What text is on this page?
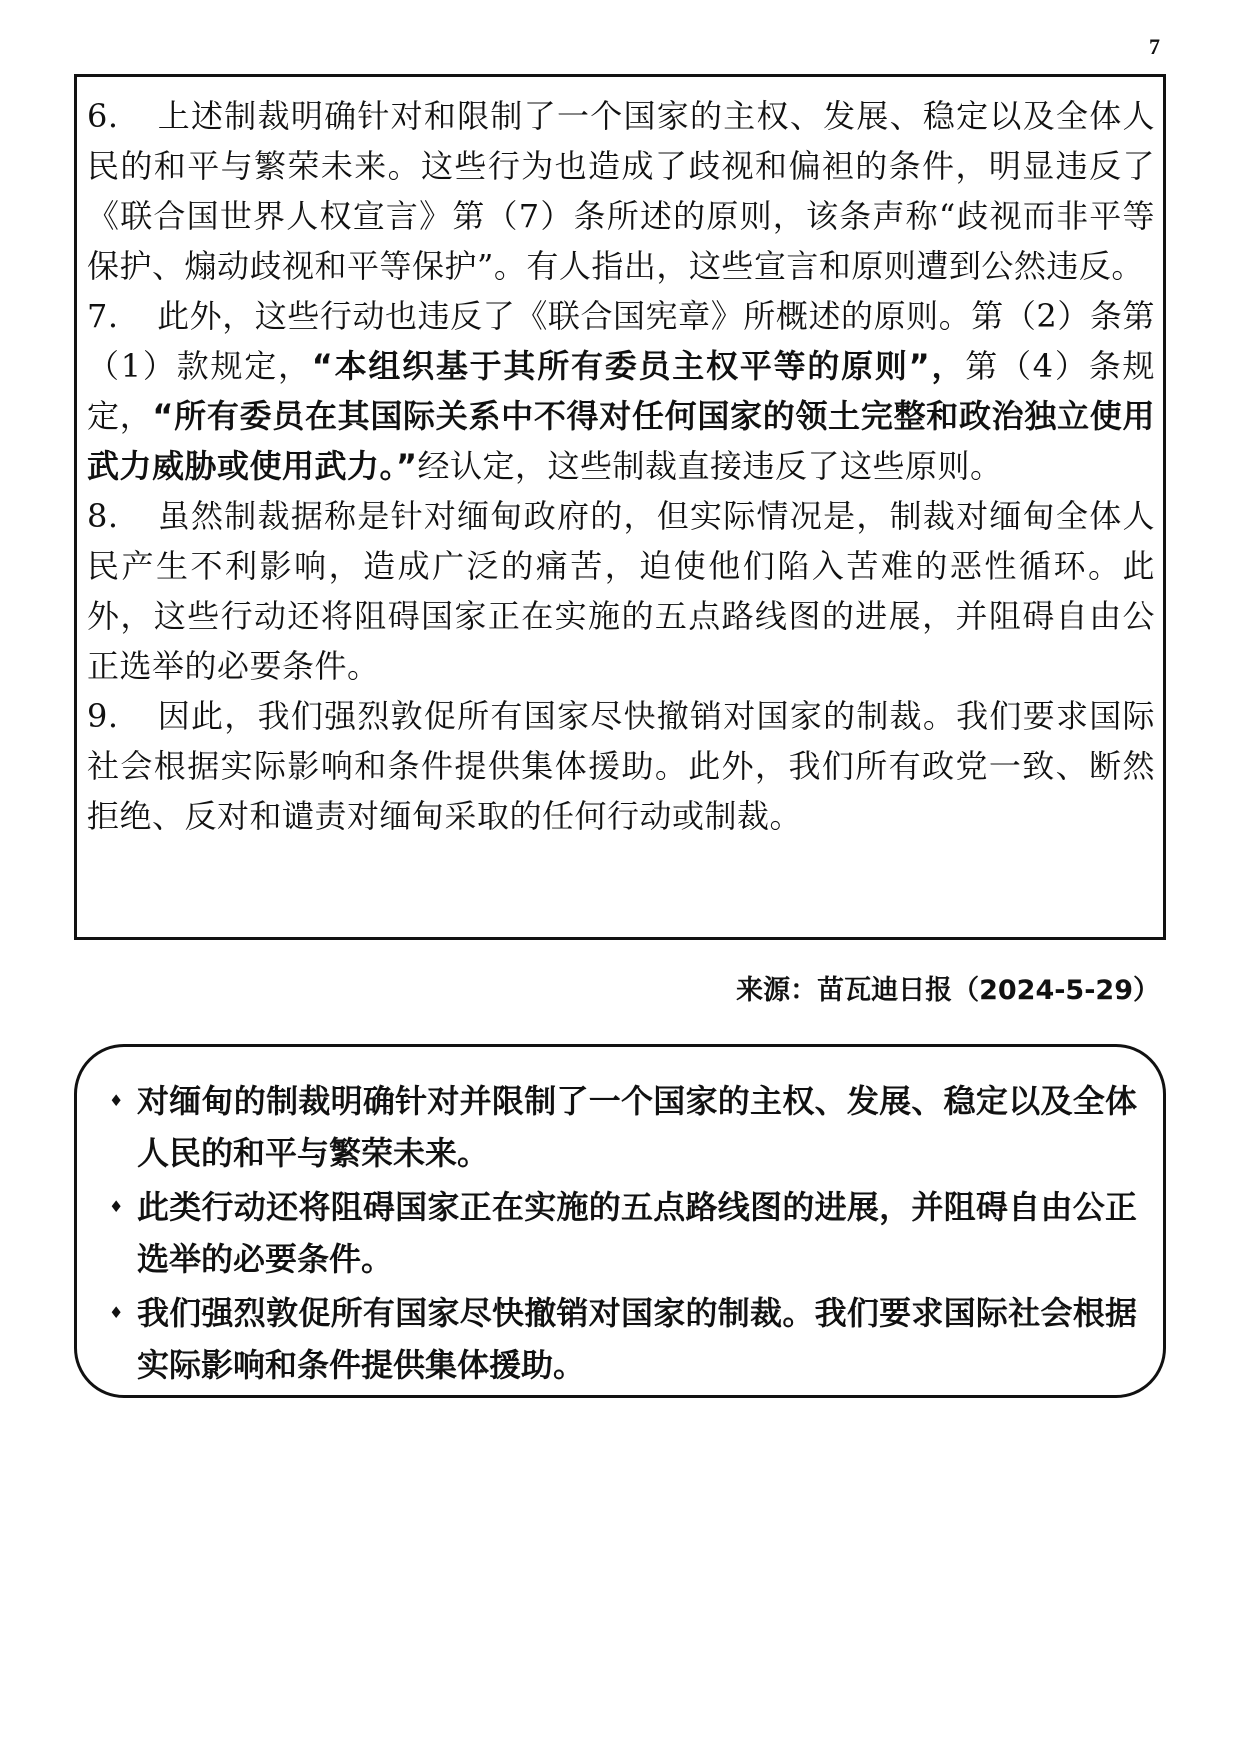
7

6. 上述制裁明确针对和限制了一个国家的主权、发展、稳定以及全体人民的和平与繁荣未来。这些行为也造成了歧视和偏袒的条件，明显违反了《联合国世界人权宣言》第（7）条所述的原则，该条声称“歧视而非平等保护、煽动歧视和平等保护”。有人指出，这些宣言和原则遭到公然违反。

7. 此外，这些行动也违反了《联合国宪章》所概述的原则。第（2）条第（1）款规定，“本组织基于其所有委员主权平等的原则”，第（4）条规定，“所有委员在其国际关系中不得对任何国家的领土完整和政治独立使用武力威胁或使用武力。”经认定，这些制裁直接违反了这些原则。

8. 虽然制裁据称是针对缅甸政府的，但实际情况是，制裁对缅甸全体人民产生不利影响，造成广泛的痛苦，迫使他们陷入苦难的恶性循环。此外，这些行动还将阻碍国家正在实施的五点路线图的进展，并阻碍自由公正选举的必要条件。

9. 因此，我们强烈敦促所有国家尽快撤销对国家的制裁。我们要求国际社会根据实际影响和条件提供集体援助。此外，我们所有政党一致、断然拒绝、反对和谴责对缅甸采取的任何行动或制裁。

来源：苗瓦迪日报（2024-5-29）

♦ 对缅甸的制裁明确针对并限制了一个国家的主权、发展、稳定以及全体人民的和平与繁荣未来。

♦ 此类行动还将阻碍国家正在实施的五点路线图的进展，并阻碍自由公正选举的必要条件。

♦ 我们强烈敦促所有国家尽快撤销对国家的制裁。我们要求国际社会根据实际影响和条件提供集体援助。
